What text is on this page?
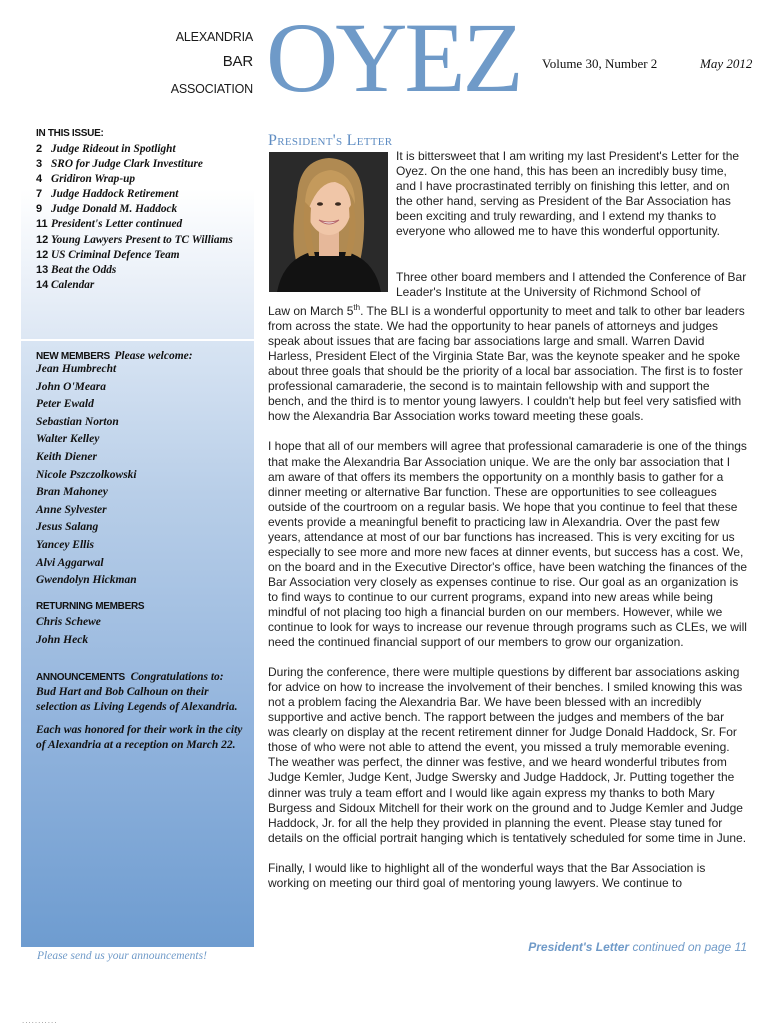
ALEXANDRIA
BAR
ASSOCIATION OYEZ Volume 30, Number 2	May 2012
IN THIS ISSUE:
2 Judge Rideout in Spotlight
3 SRO for Judge Clark Investiture
4 Gridiron Wrap-up
7 Judge Haddock Retirement
9 Judge Donald M. Haddock
11 President's Letter continued
12 Young Lawyers Present to TC Williams
12 US Criminal Defence Team
13 Beat the Odds
14 Calendar
NEW MEMBERS Please welcome:
Jean Humbrecht
John O'Meara
Peter Ewald
Sebastian Norton
Walter Kelley
Keith Diener
Nicole Pszczolkowski
Bran Mahoney
Anne Sylvester
Jesus Salang
Yancey Ellis
Alvi Aggarwal
Gwendolyn Hickman
RETURNING MEMBERS
Chris Schewe
John Heck

ANNOUNCEMENTS Congratulations to: Bud Hart and Bob Calhoun on their selection as Living Legends of Alexandria.

Each was honored for their work in the city of Alexandria at a reception on March 22.

Please send us your announcements!
President's Letter

It is bittersweet that I am writing my last President's Letter for the Oyez. On the one hand, this has been an incredibly busy time, and I have procrastinated terribly on finishing this letter, and on the other hand, serving as President of the Bar Association has been exciting and truly rewarding, and I extend my thanks to everyone who allowed me to have this wonderful opportunity.

Three other board members and I attended the Conference of Bar Leader's Institute at the University of Richmond School of
Law on March 5th. The BLI is a wonderful opportunity to meet and talk to other bar leaders from across the state. We had the opportunity to hear panels of attorneys and judges speak about issues that are facing bar associations large and small. Warren David Harless, President Elect of the Virginia State Bar, was the keynote speaker and he spoke about three goals that should be the priority of a local bar association. The first is to foster professional camaraderie, the second is to maintain fellowship with and support the bench, and the third is to mentor young lawyers. I couldn't help but feel very satisfied with how the Alexandria Bar Association works toward meeting these goals.

I hope that all of our members will agree that professional camaraderie is one of the things that make the Alexandria Bar Association unique. We are the only bar association that I am aware of that offers its members the opportunity on a monthly basis to gather for a dinner meeting or alternative Bar function. These are opportunities to see colleagues outside of the courtroom on a regular basis. We hope that you continue to feel that these events provide a meaningful benefit to practicing law in Alexandria. Over the past few years, attendance at most of our bar functions has increased. This is very exciting for us especially to see more and more new faces at dinner events, but success has a cost. We, on the board and in the Executive Director's office, have been watching the finances of the Bar Association very closely as expenses continue to rise. Our goal as an organization is to find ways to continue to our current programs, expand into new areas while being mindful of not placing too high a financial burden on our members. However, while we continue to look for ways to increase our revenue through programs such as CLEs, we will need the continued financial support of our members to grow our organization.

During the conference, there were multiple questions by different bar associations asking for advice on how to increase the involvement of their benches. I smiled knowing this was not a problem facing the Alexandria Bar. We have been blessed with an incredibly supportive and active bench. The rapport between the judges and members of the bar was clearly on display at the recent retirement dinner for Judge Donald Haddock, Sr. For those of who were not able to attend the event, you missed a truly memorable evening. The weather was perfect, the dinner was festive, and we heard wonderful tributes from Judge Kemler, Judge Kent, Judge Swersky and Judge Haddock, Jr. Putting together the dinner was truly a team effort and I would like again express my thanks to both Mary Burgess and Sidoux Mitchell for their work on the ground and to Judge Kemler and Judge Haddock, Jr. for all the help they provided in planning the event. Please stay tuned for details on the official portrait hanging which is tentatively scheduled for some time in June.

Finally, I would like to highlight all of the wonderful ways that the Bar Association is working on meeting our third goal of mentoring young lawyers. We continue to

President's Letter continued on page 11
...........
